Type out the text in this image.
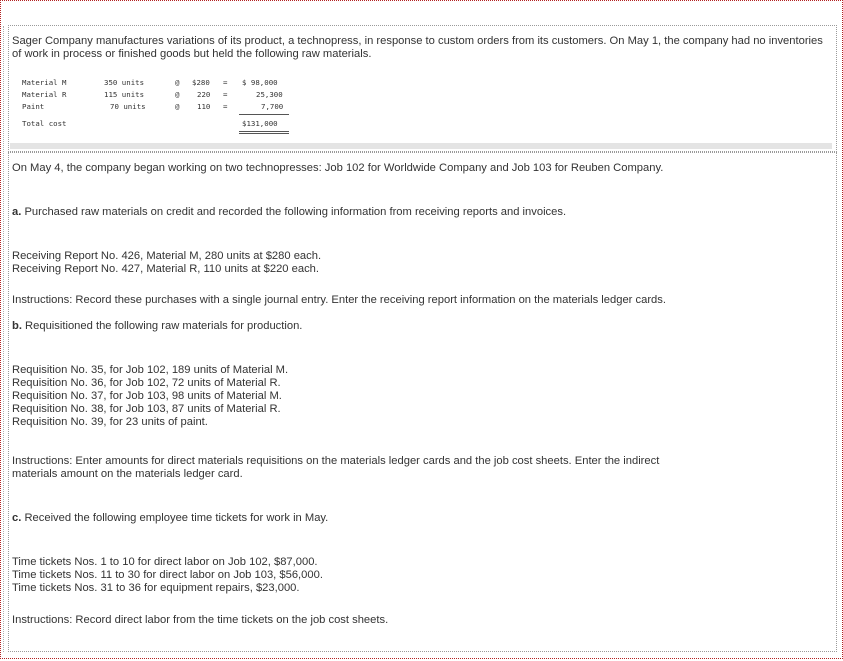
Sager Company manufactures variations of its product, a technopress, in response to custom orders from its customers. On May 1, the company had no inventories of work in process or finished goods but held the following raw materials.
Material M	350 units	@ $280 = $ 98,000
Material R	115 units	@ 220 =	25,300
Paint	70 units	@ 110 =	7,700
Total cost	$131,000
On May 4, the company began working on two technopresses: Job 102 for Worldwide Company and Job 103 for Reuben Company.
a. Purchased raw materials on credit and recorded the following information from receiving reports and invoices.
Receiving Report No. 426, Material M, 280 units at $280 each.
Receiving Report No. 427, Material R, 110 units at $220 each.
Instructions: Record these purchases with a single journal entry. Enter the receiving report information on the materials ledger cards.
b. Requisitioned the following raw materials for production.
Requisition No. 35, for Job 102, 189 units of Material M.
Requisition No. 36, for Job 102, 72 units of Material R.
Requisition No. 37, for Job 103, 98 units of Material M.
Requisition No. 38, for Job 103, 87 units of Material R.
Requisition No. 39, for 23 units of paint.
Instructions: Enter amounts for direct materials requisitions on the materials ledger cards and the job cost sheets. Enter the indirect
materials amount on the materials ledger card.
c. Received the following employee time tickets for work in May.
Time tickets Nos. 1 to 10 for direct labor on Job 102, $87,000.
Time tickets Nos. 11 to 30 for direct labor on Job 103, $56,000.
Time tickets Nos. 31 to 36 for equipment repairs, $23,000.
Instructions: Record direct labor from the time tickets on the job cost sheets.
